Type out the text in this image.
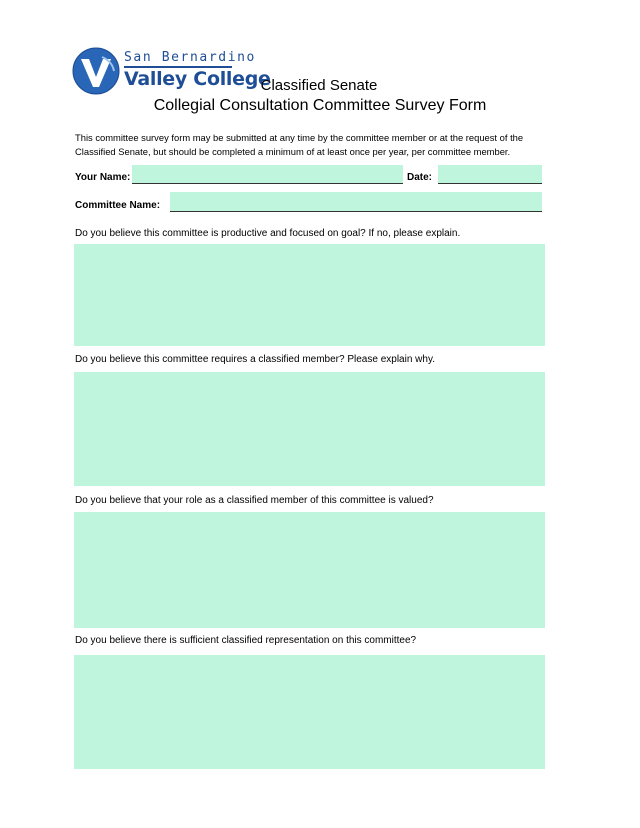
San Bernardino
Valley College
Classified Senate
Collegial Consultation Committee Survey Form
This committee survey form may be submitted at any time by the committee member or at the request of the Classified Senate, but should be completed a minimum of at least once per year, per committee member.
Your Name:	Date:
Committee Name:
Do you believe this committee is productive and focused on goal? If no, please explain.
Do you believe this committee requires a classified member? Please explain why.
Do you believe that your role as a classified member of this committee is valued?
Do you believe there is sufficient classified representation on this committee?
